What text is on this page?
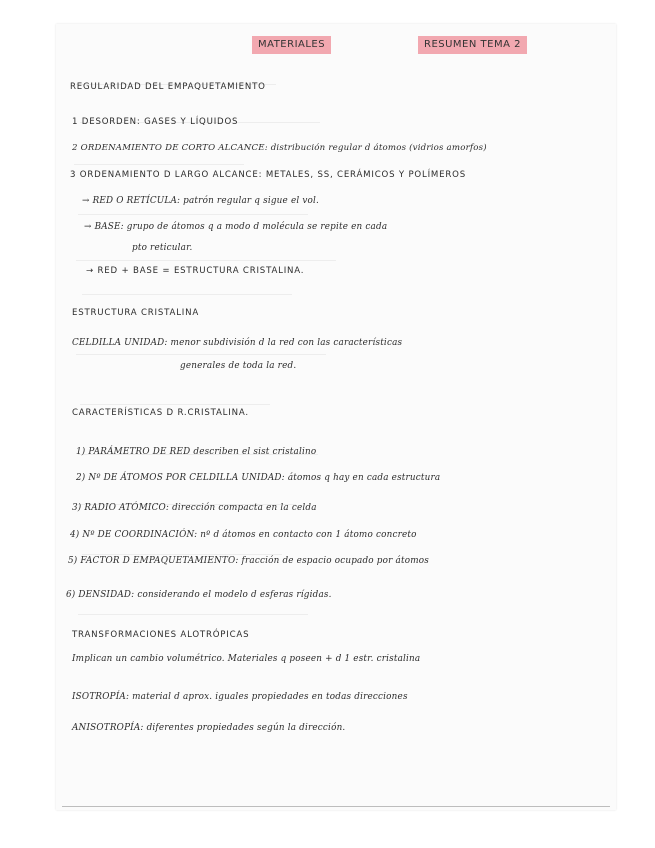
MATERIALES	RESUMEN TEMA 2
REGULARIDAD DEL EMPAQUETAMIENTO
1 DESORDEN: GASES Y LÍQUIDOS
2 ORDENAMIENTO DE CORTO ALCANCE: distribución regular d átomos (vidrios amorfos)
3 ORDENAMIENTO D LARGO ALCANCE: METALES, SS, CERÁMICOS Y POLÍMEROS
→ RED O RETÍCULA: patrón regular q sigue el vol.
→ BASE: grupo de átomos q a modo d molécula se repite en cada
pto reticular.
→ RED + BASE = ESTRUCTURA CRISTALINA.
ESTRUCTURA CRISTALINA
CELDILLA UNIDAD: menor subdivisión d la red con las características
generales de toda la red.
CARACTERÍSTICAS D R.CRISTALINA.
1) PARÁMETRO DE RED describen el sist cristalino
2) Nº DE ÁTOMOS POR CELDILLA UNIDAD: átomos q hay en cada estructura
3) RADIO ATÓMICO: dirección compacta en la celda
4) Nº DE COORDINACIÓN: nº d átomos en contacto con 1 átomo concreto
5) FACTOR D EMPAQUETAMIENTO: fracción de espacio ocupado por átomos
6) DENSIDAD: considerando el modelo d esferas rígidas.
TRANSFORMACIONES ALOTRÓPICAS
Implican un cambio volumétrico. Materiales q poseen + d 1 estr. cristalina
ISOTROPÍA: material d aprox. iguales propiedades en todas direcciones
ANISOTROPÍA: diferentes propiedades según la dirección.
